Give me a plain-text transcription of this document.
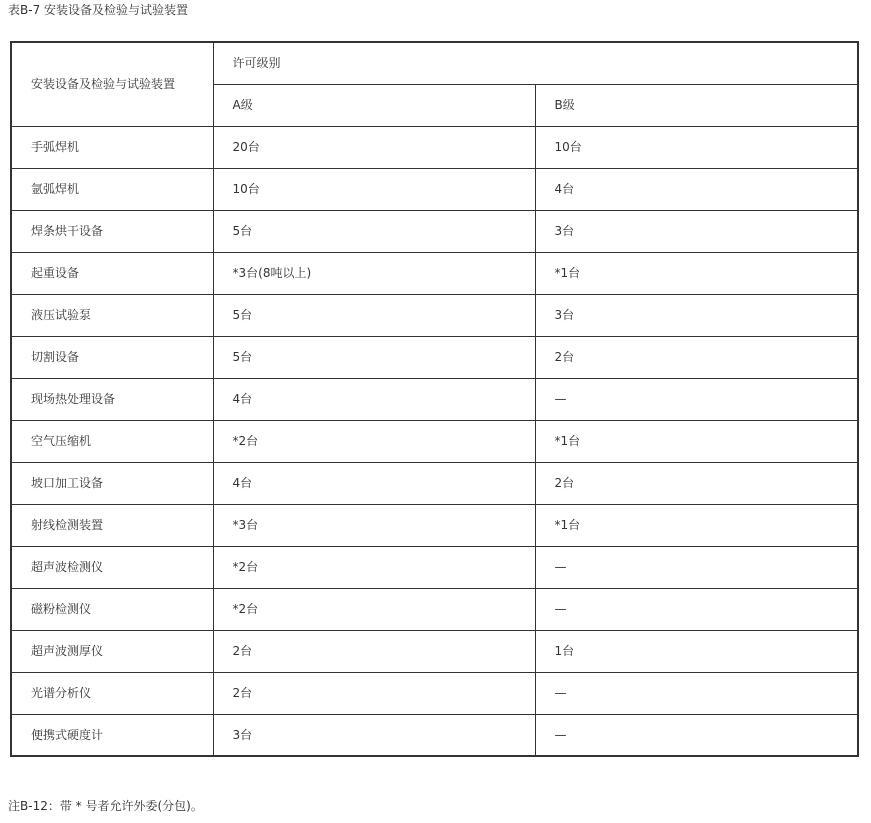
表B-7 安装设备及检验与试验装置
安装设备及检验与试验装置	许可级别	
	A级	B级
手弧焊机	20台	10台
氩弧焊机	10台	4台
焊条烘干设备	5台	3台
起重设备	*3台(8吨以上)	*1台
液压试验泵	5台	3台
切割设备	5台	2台
现场热处理设备	4台	—
空气压缩机	*2台	*1台
坡口加工设备	4台	2台
射线检测装置	*3台	*1台
超声波检测仪	*2台	—
磁粉检测仪	*2台	—
超声波测厚仪	2台	1台
光谱分析仪	2台	—
便携式硬度计	3台	—
注B-12：带 * 号者允许外委(分包)。
